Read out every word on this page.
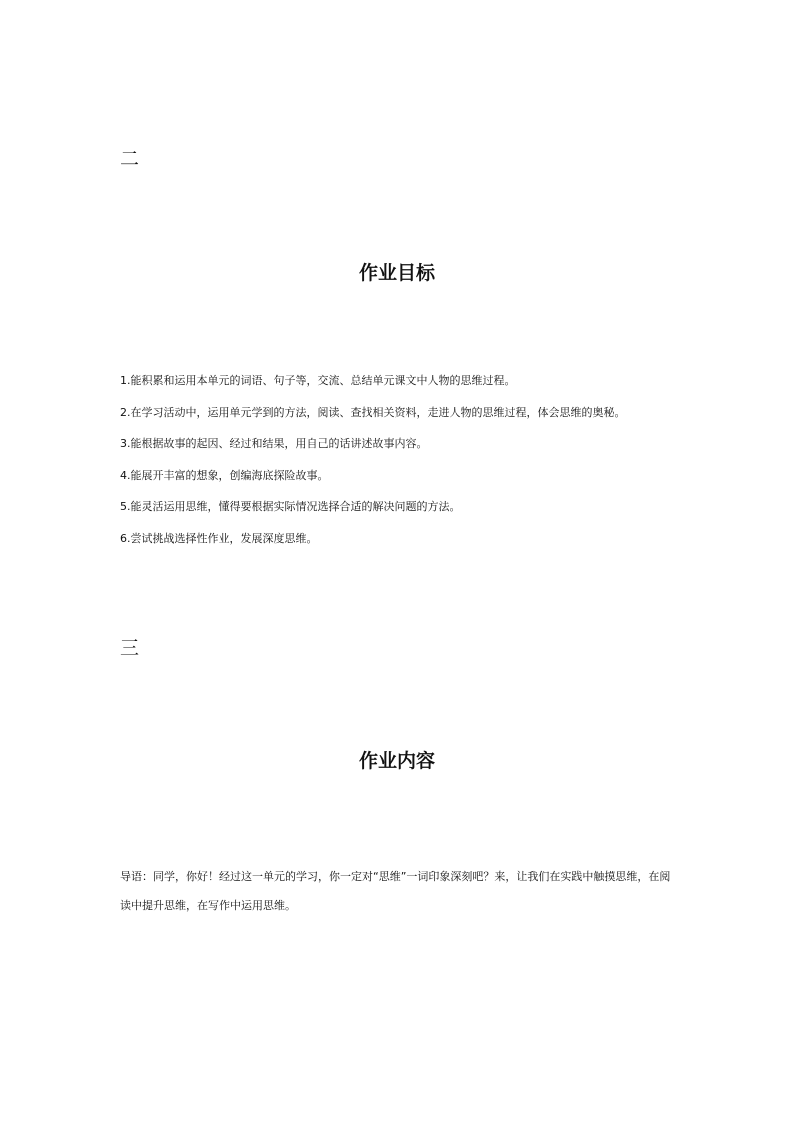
二
作业目标
1.能积累和运用本单元的词语、句子等，交流、总结单元课文中人物的思维过程。
2.在学习活动中，运用单元学到的方法，阅读、查找相关资料，走进人物的思维过程，体会思维的奥秘。
3.能根据故事的起因、经过和结果，用自己的话讲述故事内容。
4.能展开丰富的想象，创编海底探险故事。
5.能灵活运用思维，懂得要根据实际情况选择合适的解决问题的方法。
6.尝试挑战选择性作业，发展深度思维。
三
作业内容

导语：同学，你好！经过这一单元的学习，你一定对“思维”一词印象深刻吧？来，让我们在实践中触摸思维，在阅读中提升思维，在写作中运用思维。
